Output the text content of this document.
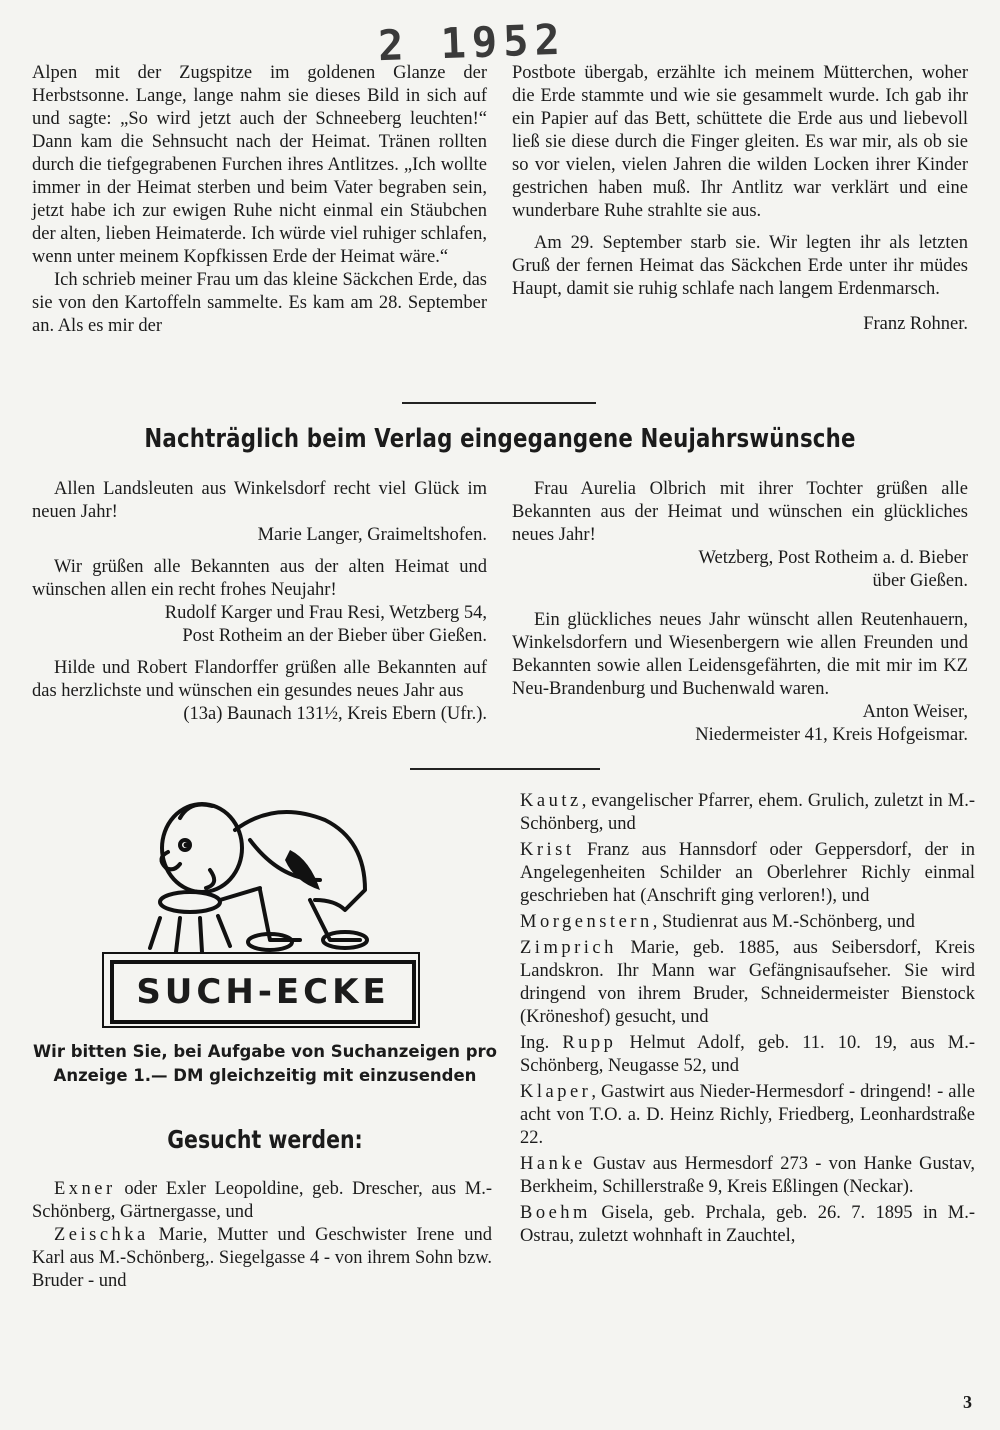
2 1952

Alpen mit der Zugspitze im goldenen Glanze der Herbstsonne. Lange, lange nahm sie dieses Bild in sich auf und sagte: „So wird jetzt auch der Schneeberg leuchten!“ Dann kam die Sehnsucht nach der Heimat. Tränen rollten durch die tiefgegrabenen Furchen ihres Antlitzes. „Ich wollte immer in der Heimat sterben und beim Vater begraben sein, jetzt habe ich zur ewigen Ruhe nicht einmal ein Stäubchen der alten, lieben Heimaterde. Ich würde viel ruhiger schlafen, wenn unter meinem Kopfkissen Erde der Heimat wäre.“

Ich schrieb meiner Frau um das kleine Säckchen Erde, das sie von den Kartoffeln sammelte. Es kam am 28. September an. Als es mir der

Postbote übergab, erzählte ich meinem Mütterchen, woher die Erde stammte und wie sie gesammelt wurde. Ich gab ihr ein Papier auf das Bett, schüttete die Erde aus und liebevoll ließ sie diese durch die Finger gleiten. Es war mir, als ob sie so vor vielen, vielen Jahren die wilden Locken ihrer Kinder gestrichen haben muß. Ihr Antlitz war verklärt und eine wunderbare Ruhe strahlte sie aus.

Am 29. September starb sie. Wir legten ihr als letzten Gruß der fernen Heimat das Säckchen Erde unter ihr müdes Haupt, damit sie ruhig schlafe nach langem Erdenmarsch.

Franz Rohner.

Nachträglich beim Verlag eingegangene Neujahrswünsche

Allen Landsleuten aus Winkelsdorf recht viel Glück im neuen Jahr!

Marie Langer, Graimeltshofen.

Wir grüßen alle Bekannten aus der alten Heimat und wünschen allen ein recht frohes Neujahr!

Rudolf Karger und Frau Resi, Wetzberg 54,

Post Rotheim an der Bieber über Gießen.

Hilde und Robert Flandorffer grüßen alle Bekannten auf das herzlichste und wünschen ein gesundes neues Jahr aus

(13a) Baunach 131½, Kreis Ebern (Ufr.).

Frau Aurelia Olbrich mit ihrer Tochter grüßen alle Bekannten aus der Heimat und wünschen ein glückliches neues Jahr!

Wetzberg, Post Rotheim a. d. Bieber

über Gießen.

Ein glückliches neues Jahr wünscht allen Reutenhauern, Winkelsdorfern und Wiesenbergern wie allen Freunden und Bekannten sowie allen Leidensgefährten, die mit mir im KZ Neu-Brandenburg und Buchenwald waren.

Anton Weiser,

Niedermeister 41, Kreis Hofgeismar.

SUCH-ECKE
Wir bitten Sie, bei Aufgabe von Suchanzeigen pro Anzeige 1.— DM gleichzeitig mit einzusenden
Gesucht werden:

Exner oder Exler Leopoldine, geb. Drescher, aus M.-Schönberg, Gärtnergasse, und

Zeischka Marie, Mutter und Geschwister Irene und Karl aus M.-Schönberg,. Siegelgasse 4 - von ihrem Sohn bzw. Bruder - und

Kautz, evangelischer Pfarrer, ehem. Grulich, zuletzt in M.-Schönberg, und

Krist Franz aus Hannsdorf oder Geppersdorf, der in Angelegenheiten Schilder an Oberlehrer Richly einmal geschrieben hat (Anschrift ging verloren!), und

Morgenstern, Studienrat aus M.-Schönberg, und

Zimprich Marie, geb. 1885, aus Seibersdorf, Kreis Landskron. Ihr Mann war Gefängnisaufseher. Sie wird dringend von ihrem Bruder, Schneidermeister Bienstock (Kröneshof) gesucht, und

Ing. Rupp Helmut Adolf, geb. 11. 10. 19, aus M.-Schönberg, Neugasse 52, und

Klaper, Gastwirt aus Nieder-Hermesdorf - dringend! - alle acht von T.O. a. D. Heinz Richly, Friedberg, Leonhardstraße 22.

Hanke Gustav aus Hermesdorf 273 - von Hanke Gustav, Berkheim, Schillerstraße 9, Kreis Eßlingen (Neckar).

Boehm Gisela, geb. Prchala, geb. 26. 7. 1895 in M.-Ostrau, zuletzt wohnhaft in Zauchtel,

3
